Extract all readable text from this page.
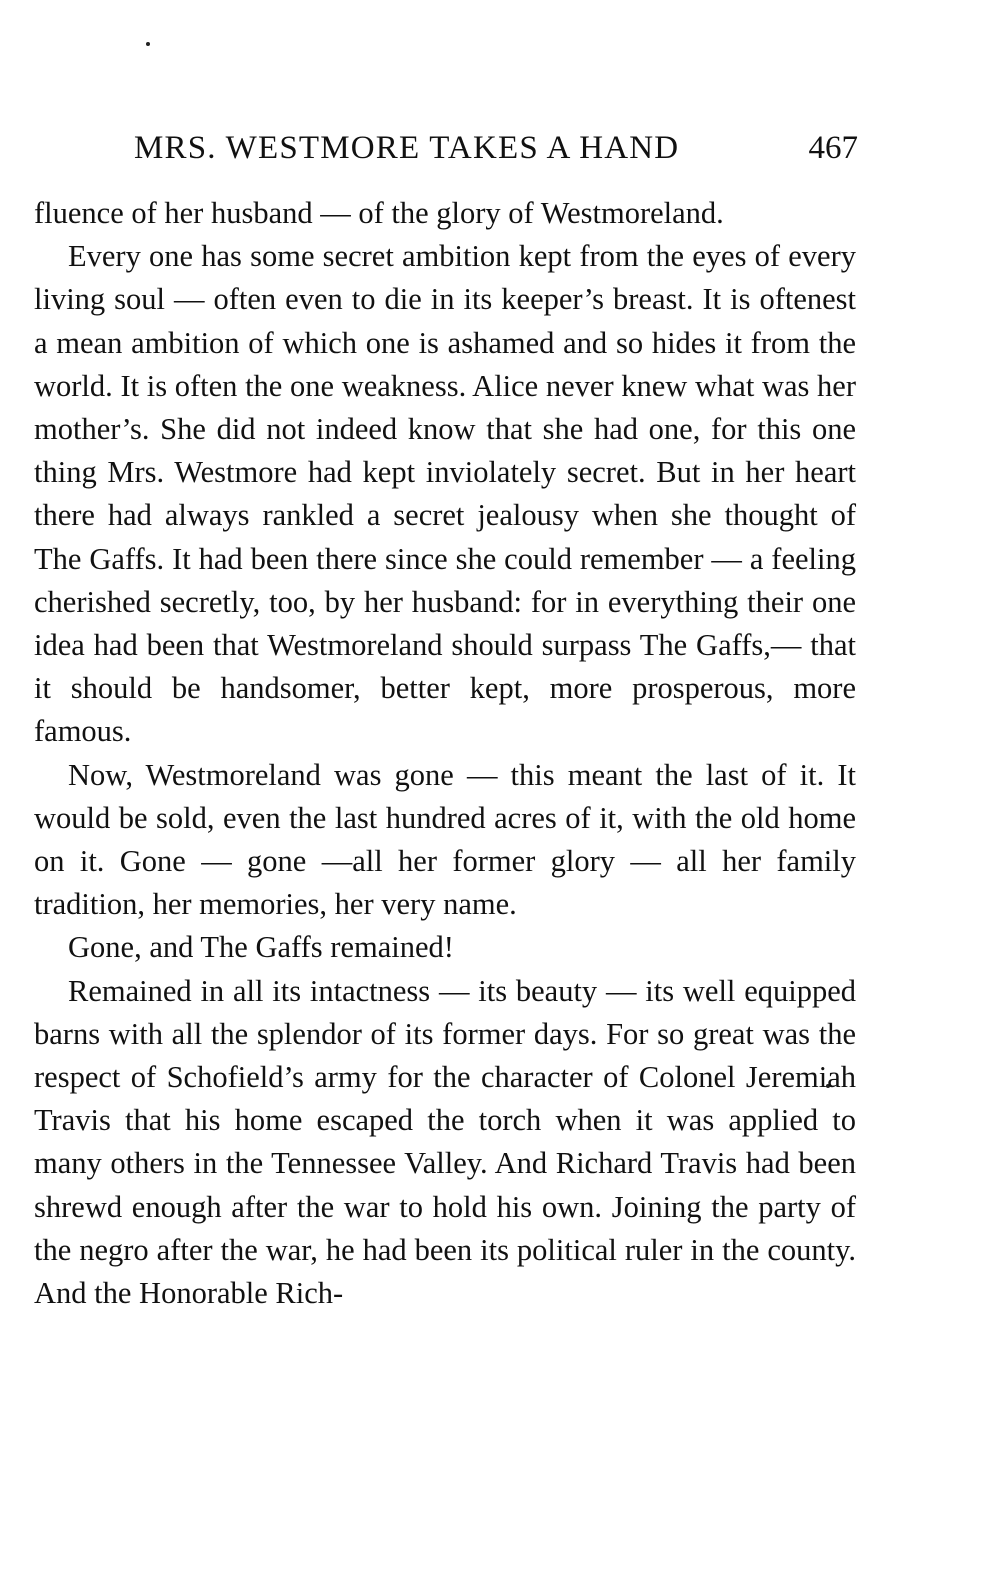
MRS. WESTMORE TAKES A HAND	467

fluence of her husband — of the glory of Westmoreland.

Every one has some secret ambition kept from the eyes of every living soul — often even to die in its keeper’s breast. It is oftenest a mean ambition of which one is ashamed and so hides it from the world. It is often the one weakness. Alice never knew what was her mother’s. She did not indeed know that she had one, for this one thing Mrs. Westmore had kept inviolately secret. But in her heart there had always rankled a secret jealousy when she thought of The Gaffs. It had been there since she could remember — a feeling cherished secretly, too, by her husband: for in everything their one idea had been that Westmoreland should surpass The Gaffs,— that it should be handsomer, better kept, more prosperous, more famous.

Now, Westmoreland was gone — this meant the last of it. It would be sold, even the last hundred acres of it, with the old home on it. Gone — gone —all her former glory — all her family tradition, her memories, her very name.

Gone, and The Gaffs remained!

Remained in all its intactness — its beauty — its well equipped barns with all the splendor of its former days. For so great was the respect of Schofield’s army for the character of Colonel Jeremiah Travis that his home escaped the torch when it was applied to many others in the Tennessee Valley. And Richard Travis had been shrewd enough after the war to hold his own. Joining the party of the negro after the war, he had been its political ruler in the county. And the Honorable Rich-
